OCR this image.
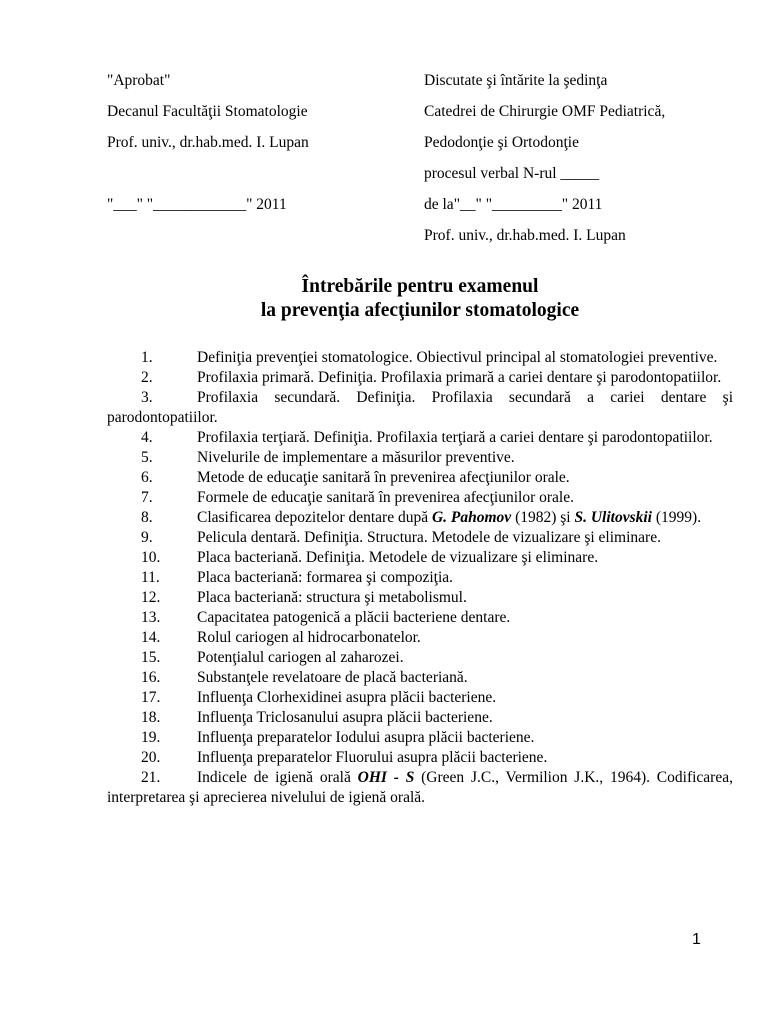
"Aprobat"
Decanul Facultăţii Stomatologie
Prof. univ., dr.hab.med. I. Lupan
"___" "____________" 2011
Discutate şi întărite la şedinţa
Catedrei de Chirurgie OMF Pediatrică,
Pedodonţie şi Ortodonţie
procesul verbal N-rul _____
de la"__" "_________" 2011
Prof. univ., dr.hab.med. I. Lupan
Întrebările pentru examenul
la prevenţia afecţiunilor stomatologice
1.	Definiţia prevenţiei stomatologice. Obiectivul principal al stomatologiei preventive.
2.	Profilaxia primară. Definiţia. Profilaxia primară a cariei dentare şi parodontopatiilor.
3.	Profilaxia secundară. Definiţia. Profilaxia secundară a cariei dentare şi parodontopatiilor.
4.	Profilaxia terţiară. Definiţia. Profilaxia terţiară a cariei dentare şi parodontopatiilor.
5.	Nivelurile de implementare a măsurilor preventive.
6.	Metode de educaţie sanitară în prevenirea afecţiunilor orale.
7.	Formele de educaţie sanitară în prevenirea afecţiunilor orale.
8.	Clasificarea depozitelor dentare după G. Pahomov (1982) şi S. Ulitovskii (1999).
9.	Pelicula dentară. Definiţia. Structura. Metodele de vizualizare şi eliminare.
10. Placa bacteriană. Definiţia. Metodele de vizualizare şi eliminare.
11. Placa bacteriană: formarea şi compoziţia.
12. Placa bacteriană: structura şi metabolismul.
13. Capacitatea patogenică a plăcii bacteriene dentare.
14. Rolul cariogen al hidrocarbonatelor.
15. Potenţialul cariogen al zaharozei.
16. Substanţele revelatoare de placă bacteriană.
17. Influenţa Clorhexidinei asupra plăcii bacteriene.
18. Influenţa Triclosanului asupra plăcii bacteriene.
19. Influenţa preparatelor Iodului asupra plăcii bacteriene.
20. Influenţa preparatelor Fluorului asupra plăcii bacteriene.
21. Indicele de igienă orală OHI - S (Green J.C., Vermilion J.K., 1964). Codificarea, interpretarea şi aprecierea nivelului de igienă orală.
1
